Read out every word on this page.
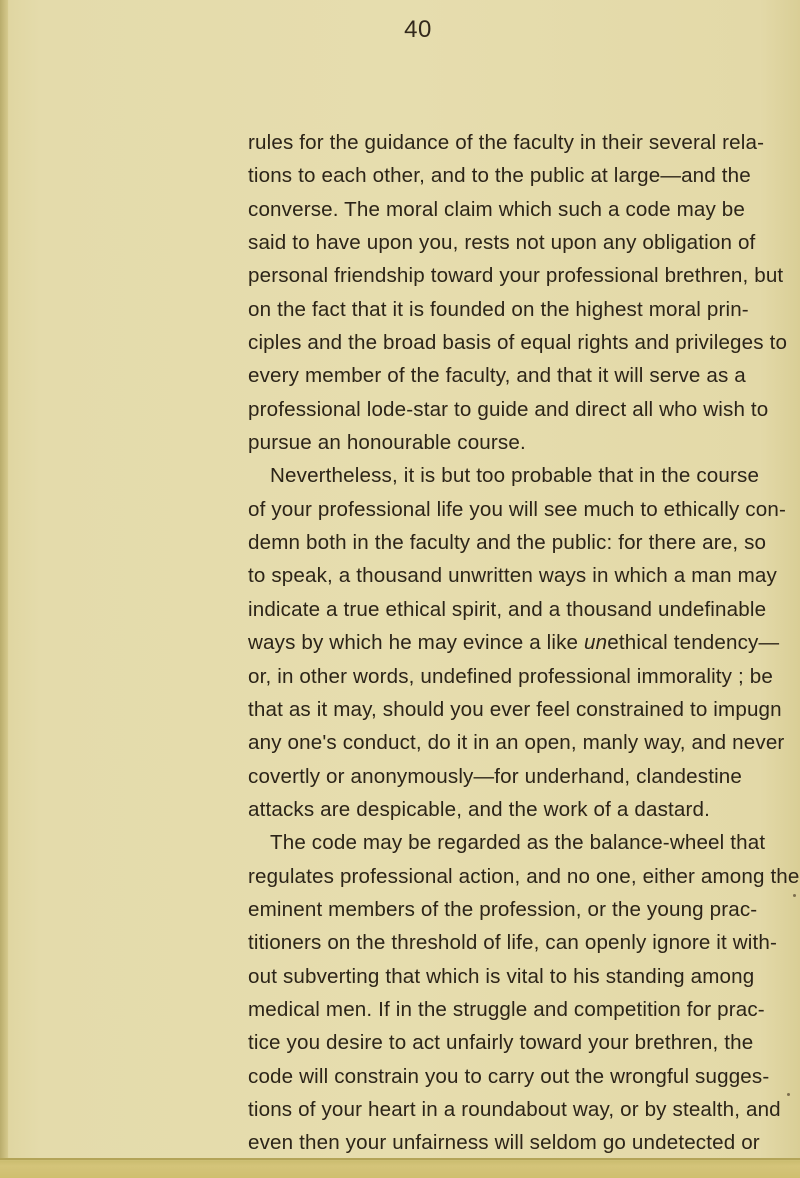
40
rules for the guidance of the faculty in their several rela-
tions to each other, and to the public at large—and the
converse. The moral claim which such a code may be
said to have upon you, rests not upon any obligation of
personal friendship toward your professional brethren, but
on the fact that it is founded on the highest moral prin-
ciples and the broad basis of equal rights and privileges to
every member of the faculty, and that it will serve as a
professional lode-star to guide and direct all who wish to
pursue an honourable course.
Nevertheless, it is but too probable that in the course
of your professional life you will see much to ethically con-
demn both in the faculty and the public: for there are, so
to speak, a thousand unwritten ways in which a man may
indicate a true ethical spirit, and a thousand undefinable
ways by which he may evince a like unethical tendency—
or, in other words, undefined professional immorality ; be
that as it may, should you ever feel constrained to impugn
any one's conduct, do it in an open, manly way, and never
covertly or anonymously—for underhand, clandestine
attacks are despicable, and the work of a dastard.
The code may be regarded as the balance-wheel that
regulates professional action, and no one, either among the
eminent members of the profession, or the young prac-
titioners on the threshold of life, can openly ignore it with-
out subverting that which is vital to his standing among
medical men. If in the struggle and competition for prac-
tice you desire to act unfairly toward your brethren, the
code will constrain you to carry out the wrongful sugges-
tions of your heart in a roundabout way, or by stealth, and
even then your unfairness will seldom go undetected or
